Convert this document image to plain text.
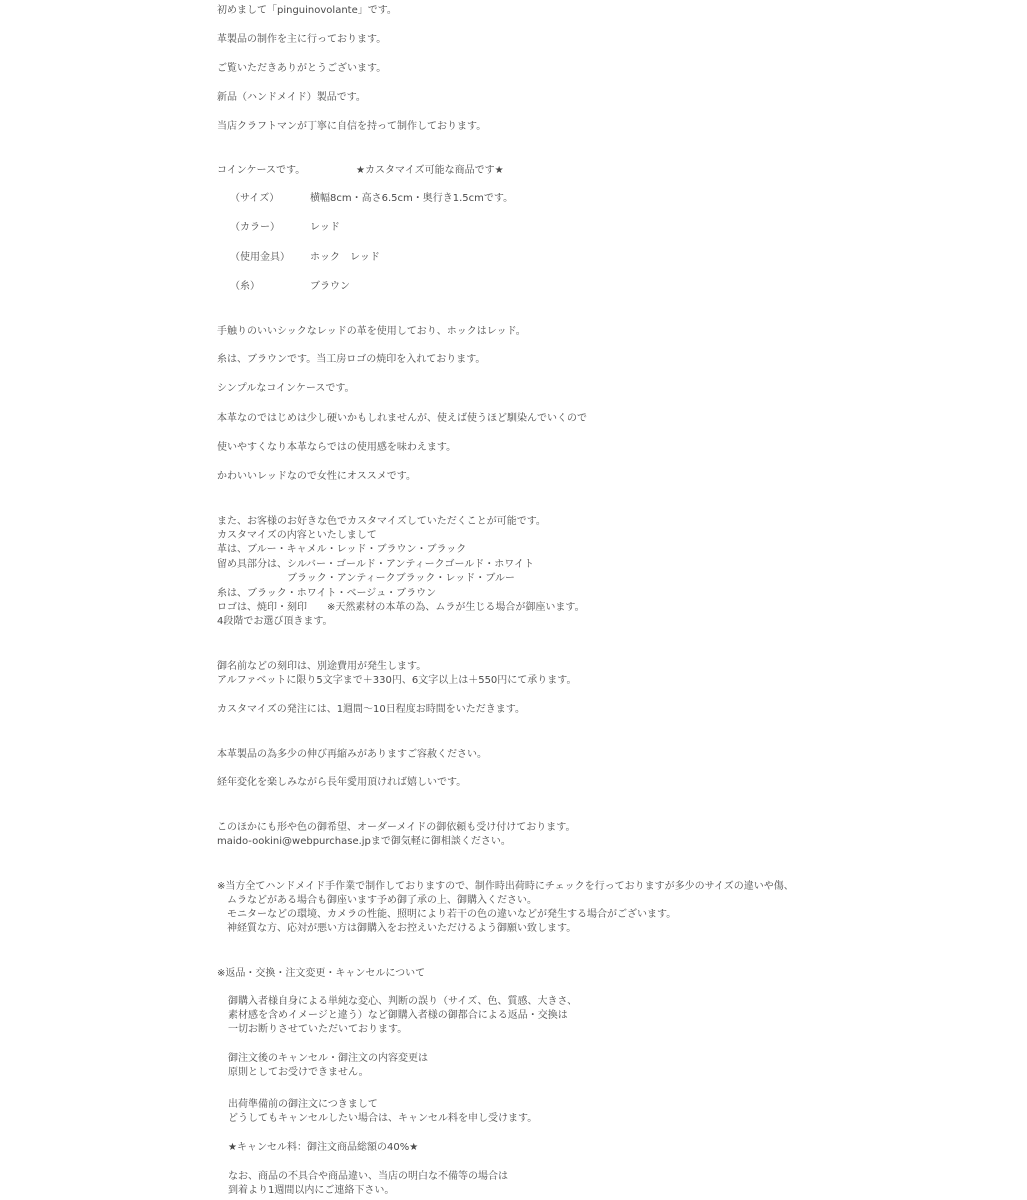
初めまして「pinguinovolante」です。

革製品の制作を主に行っております。

ご覧いただきありがとうございます。

新品（ハンドメイド）製品です。

当店クラフトマンが丁寧に自信を持って制作しております。

コインケースです。	★カスタマイズ可能な商品です★

（サイズ）	横幅8cm・高さ6.5cm・奥行き1.5cmです。

（カラー）	レッド

（使用金具） ホック　レッド

（糸）	ブラウン

手触りのいいシックなレッドの革を使用しており、ホックはレッド。

糸は、ブラウンです。当工房ロゴの焼印を入れております。

シンプルなコインケースです。

本革なのではじめは少し硬いかもしれませんが、使えば使うほど馴染んでいくので

使いやすくなり本革ならではの使用感を味わえます。

かわいいレッドなので女性にオススメです。

また、お客様のお好きな色でカスタマイズしていただくことが可能です。

カスタマイズの内容といたしまして

革は、ブルー・キャメル・レッド・ブラウン・ブラック

留め具部分は、シルバー・ゴールド・アンティークゴールド・ホワイト

　　　　　　　ブラック・アンティークブラック・レッド・ブルー

糸は、ブラック・ホワイト・ベージュ・ブラウン

ロゴは、焼印・刻印　　※天然素材の本革の為、ムラが生じる場合が御座います。

4段階でお選び頂きます。

御名前などの刻印は、別途費用が発生します。

アルファベットに限り5文字まで＋330円、6文字以上は＋550円にて承ります。

カスタマイズの発注には、1週間～10日程度お時間をいただきます。

本革製品の為多少の伸び再縮みがありますご容赦ください。

経年変化を楽しみながら長年愛用頂ければ嬉しいです。

このほかにも形や色の御希望、オーダーメイドの御依頼も受け付けております。

maido-ookini@webpurchase.jpまで御気軽に御相談ください。

※当方全てハンドメイド手作業で制作しておりますので、制作時出荷時にチェックを行っておりますが多少のサイズの違いや傷、

　ムラなどがある場合も御座います予め御了承の上、御購入ください。

　モニターなどの環境、カメラの性能、照明により若干の色の違いなどが発生する場合がございます。

　神経質な方、応対が悪い方は御購入をお控えいただけるよう御願い致します。

※返品・交換・注文変更・キャンセルについて

御購入者様自身による単純な変心、判断の誤り（サイズ、色、質感、大きさ、

素材感を含めイメージと違う）など御購入者様の御都合による返品・交換は

一切お断りさせていただいております。

御注文後のキャンセル・御注文の内容変更は

原則としてお受けできません。

出荷準備前の御注文につきまして

どうしてもキャンセルしたい場合は、キャンセル料を申し受けます。

★キャンセル料：御注文商品総額の40%★

なお、商品の不具合や商品違い、当店の明白な不備等の場合は

到着より1週間以内にご連絡下さい。
